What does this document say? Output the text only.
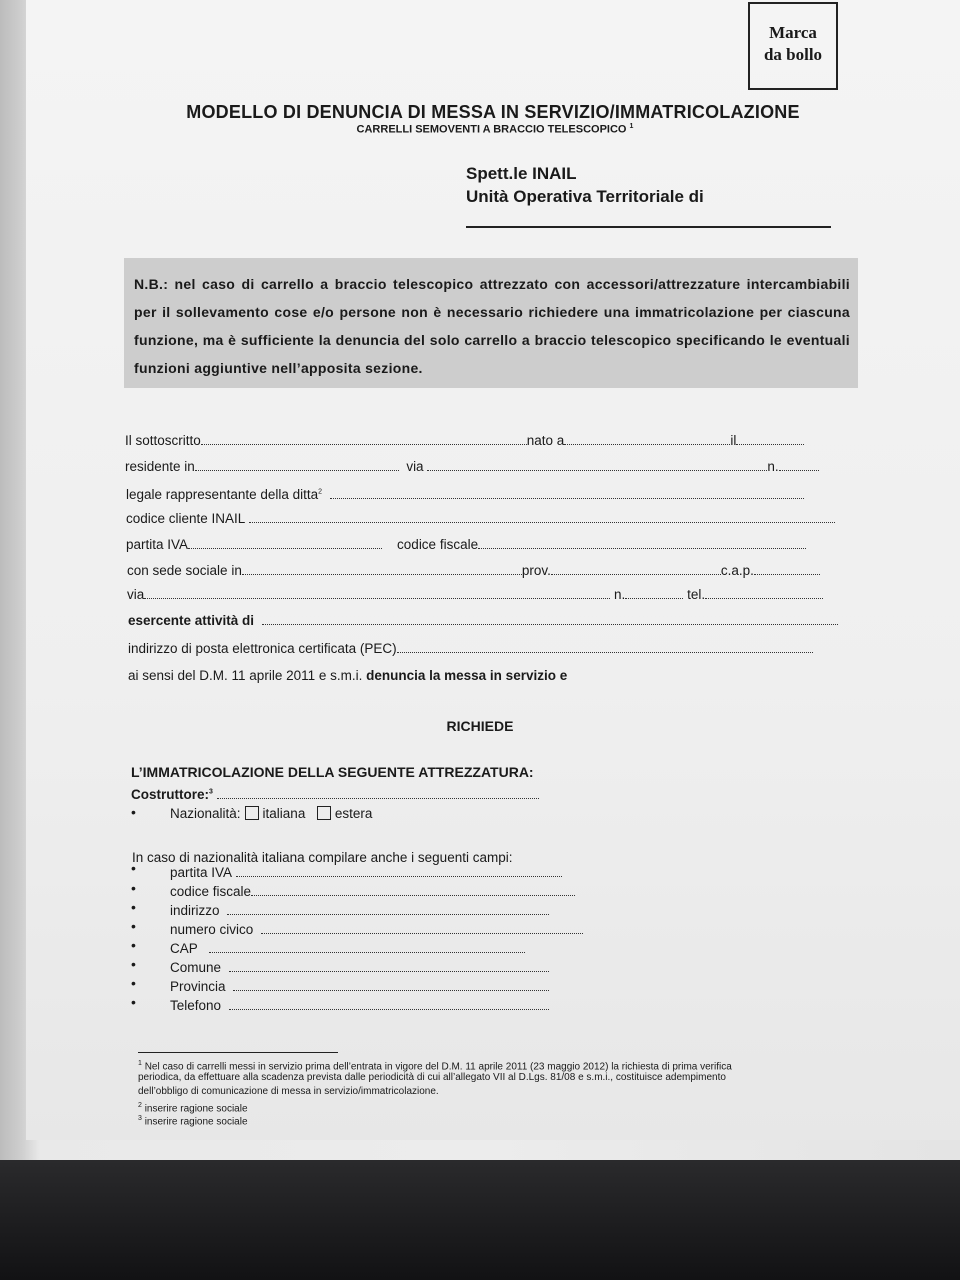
Marca
da bollo
MODELLO DI DENUNCIA DI MESSA IN SERVIZIO/IMMATRICOLAZIONE
CARRELLI SEMOVENTI A BRACCIO TELESCOPICO $^1$
Spett.le INAIL
Unità Operativa Territoriale di

N.B.: nel caso di carrello a braccio telescopico attrezzato con accessori/attrezzature intercambiabili per il sollevamento cose e/o persone non è necessario richiedere una immatricolazione per ciascuna funzione, ma è sufficiente la denuncia del solo carrello a braccio telescopico specificando le eventuali funzioni aggiuntive nell’apposita sezione.

Il sottoscritto	nato a	il
residente in	via	n.
legale rappresentante della ditta$^2$
codice cliente INAIL
partita IVA	codice fiscale
con sede sociale in	prov.	c.a.p.
via	n.	tel.
esercente attività di
indirizzo di posta elettronica certificata (PEC)
ai sensi del D.M. 11 aprile 2011 e s.m.i. denuncia la messa in servizio e
RICHIEDE
L’IMMATRICOLAZIONE DELLA SEGUENTE ATTREZZATURA:
Costruttore:$^3$
•	Nazionalità: italiana estera
In caso di nazionalità italiana compilare anche i seguenti campi:
•	partita IVA
•	codice fiscale
•	indirizzo
•	numero civico
•	CAP
•	Comune
•	Provincia
•	Telefono
$^1$ Nel caso di carrelli messi in servizio prima dell’entrata in vigore del D.M. 11 aprile 2011 (23 maggio 2012) la richiesta di prima verifica
periodica, da effettuare alla scadenza prevista dalle periodicità di cui all’allegato VII al D.Lgs. 81/08 e s.m.i., costituisce adempimento
dell’obbligo di comunicazione di messa in servizio/immatricolazione.
$^2$ inserire ragione sociale
$^3$ inserire ragione sociale
